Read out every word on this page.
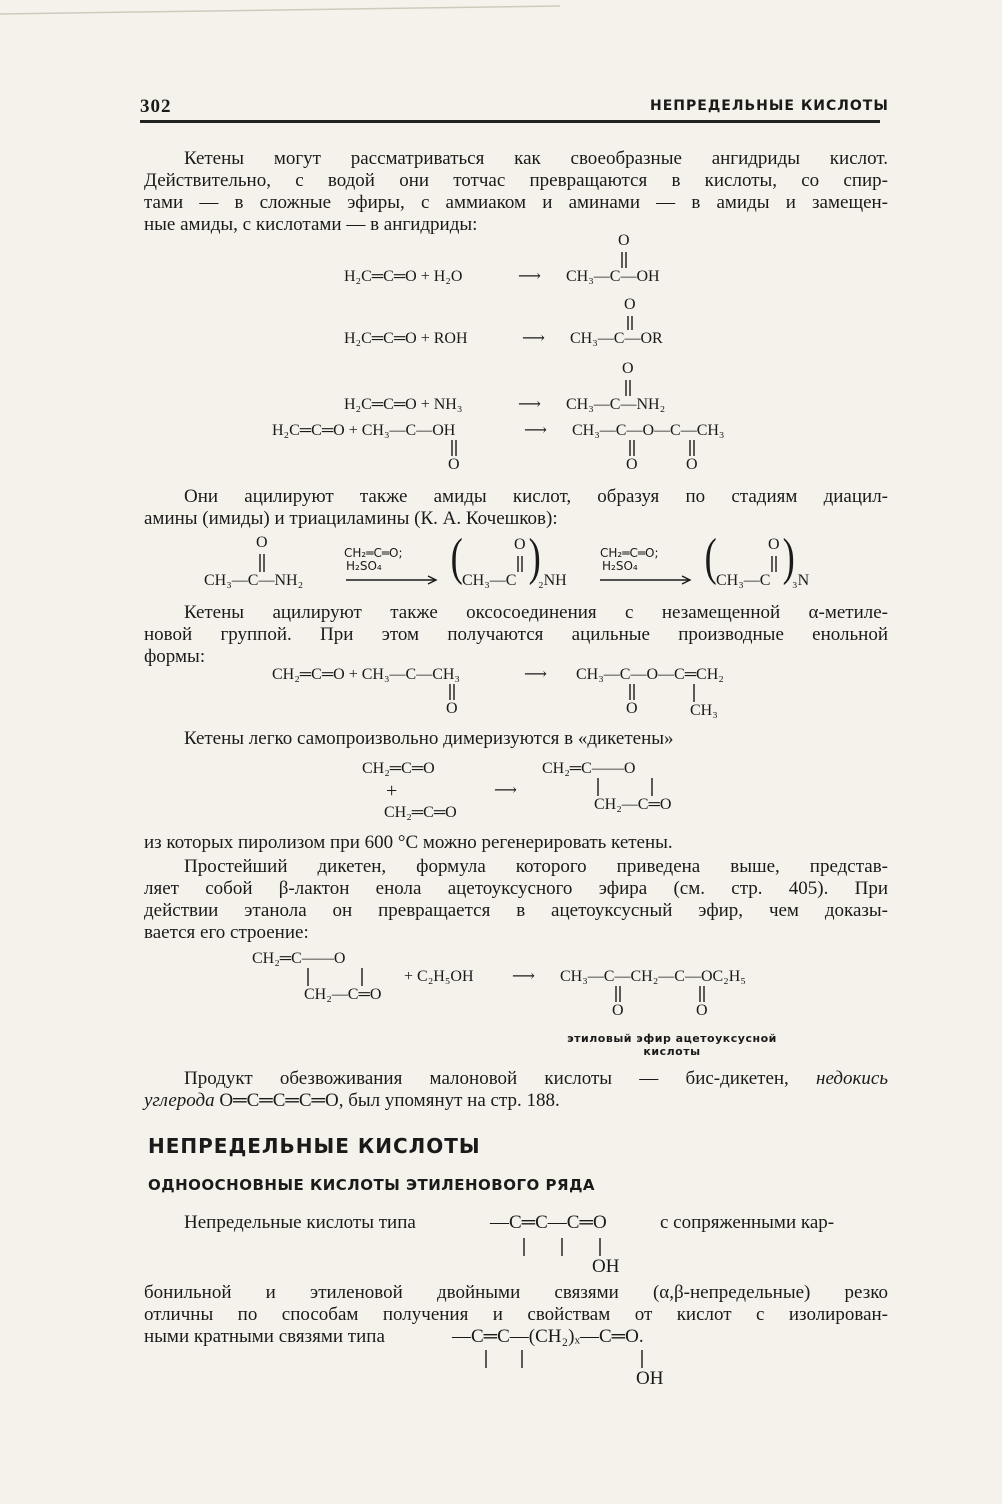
302	НЕПРЕДЕЛЬНЫЕ КИСЛОТЫ
Кетены могут рассматриваться как своеобразные ангидриды кислот.
Действительно, с водой они тотчас превращаются в кислоты, со спир-
тами — в сложные эфиры, с аммиаком и аминами — в амиды и замещен-
ные амиды, с кислотами — в ангидриды:
O
H₂C═C═O + H₂O	⟶ CH₃—C—OH
O
H₂C═C═O + ROH	⟶ CH₃—C—OR
O
H₂C═C═O + NH₃	⟶ CH₃—C—NH₂
H₂C═C═O + CH₃—C—OH	⟶ CH₃—C—O—C—CH₃
O	O	O
Они ацилируют также амиды кислот, образуя по стадиям диацил-
амины (имиды) и триациламины (К. А. Кочешков):
O
CH₃—C—NH₂
CH₂═C═O;
H₂SO₄ (	O
CH₃—C )
₂NH
CH₂═C═O;
H₂SO₄ (	O
CH₃—C )
₃N
Кетены ацилируют также оксосоединения с незамещенной α-метиле-
новой группой. При этом получаются ацильные производные енольной
формы:
CH₂═C═O + CH₃—C—CH₃	⟶ CH₃—C—O—C═CH₂
O	O	CH₃
Кетены легко самопроизвольно димеризуются в «дикетены»
CH₂═C═O
+
CH₂═C═O
⟶
CH₂═C——O
CH₂—C═O
из которых пиролизом при 600 °С можно регенерировать кетены.
Простейший дикетен, формула которого приведена выше, представ-
ляет собой β-лактон енола ацетоуксусного эфира (см. стр. 405). При
действии этанола он превращается в ацетоуксусный эфир, чем доказы-
вается его строение:
CH₂═C——O
CH₂—C═O
+ C₂H₅OH ⟶ CH₃—C—CH₂—C—OC₂H₅
O	O
этиловый эфир ацетоуксусной
кислоты
Продукт обезвоживания малоновой кислоты — бис-дикетен, недокись
углерода O═C═C═C═O, был упомянут на стр. 188.
НЕПРЕДЕЛЬНЫЕ КИСЛОТЫ
ОДНООСНОВНЫЕ КИСЛОТЫ ЭТИЛЕНОВОГО РЯДА
Непредельные кислоты типа	—C═C—C═O	с сопряженными кар-
OH
бонильной и этиленовой двойными связями (α,β-непредельные) резко
отличны по способам получения и свойствам от кислот с изолирован-
ными кратными связями типа	—C═C—(CH₂)ₓ—C═O.
OH
